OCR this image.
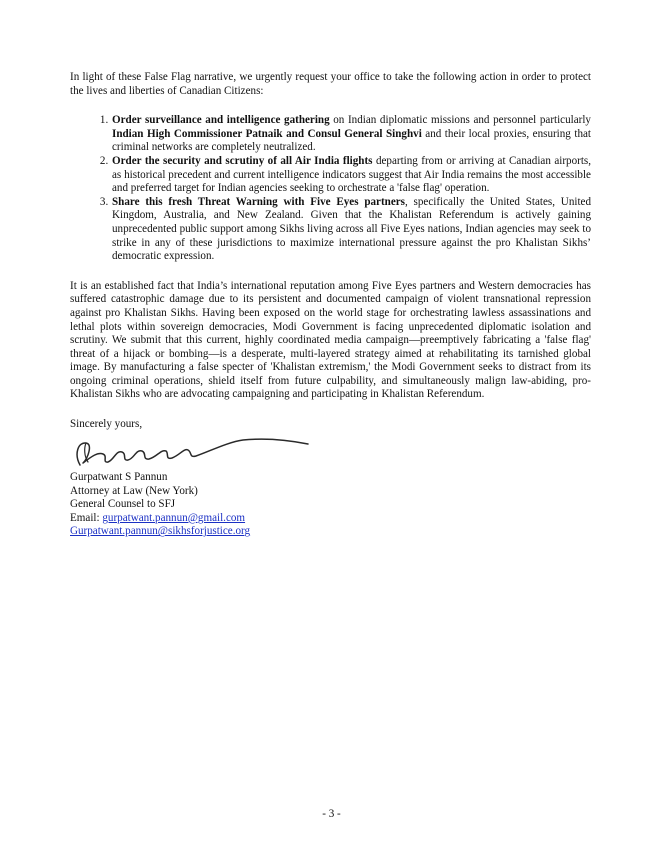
In light of these False Flag narrative, we urgently request your office to take the following action in order to protect the lives and liberties of Canadian Citizens:

1. Order surveillance and intelligence gathering on Indian diplomatic missions and personnel particularly Indian High Commissioner Patnaik and Consul General Singhvi and their local proxies, ensuring that criminal networks are completely neutralized.
2. Order the security and scrutiny of all Air India flights departing from or arriving at Canadian airports, as historical precedent and current intelligence indicators suggest that Air India remains the most accessible and preferred target for Indian agencies seeking to orchestrate a 'false flag' operation.
3. Share this fresh Threat Warning with Five Eyes partners, specifically the United States, United Kingdom, Australia, and New Zealand. Given that the Khalistan Referendum is actively gaining unprecedented public support among Sikhs living across all Five Eyes nations, Indian agencies may seek to strike in any of these jurisdictions to maximize international pressure against the pro Khalistan Sikhs’ democratic expression.

It is an established fact that India’s international reputation among Five Eyes partners and Western democracies has suffered catastrophic damage due to its persistent and documented campaign of violent transnational repression against pro Khalistan Sikhs. Having been exposed on the world stage for orchestrating lawless assassinations and lethal plots within sovereign democracies, Modi Government is facing unprecedented diplomatic isolation and scrutiny. We submit that this current, highly coordinated media campaign—preemptively fabricating a 'false flag' threat of a hijack or bombing—is a desperate, multi-layered strategy aimed at rehabilitating its tarnished global image. By manufacturing a false specter of 'Khalistan extremism,' the Modi Government seeks to distract from its ongoing criminal operations, shield itself from future culpability, and simultaneously malign law-abiding, pro-Khalistan Sikhs who are advocating campaigning and participating in Khalistan Referendum.

Sincerely yours,

Gurpatwant S Pannun
Attorney at Law (New York)
General Counsel to SFJ
Email: gurpatwant.pannun@gmail.com
Gurpatwant.pannun@sikhsforjustice.org
- 3 -
